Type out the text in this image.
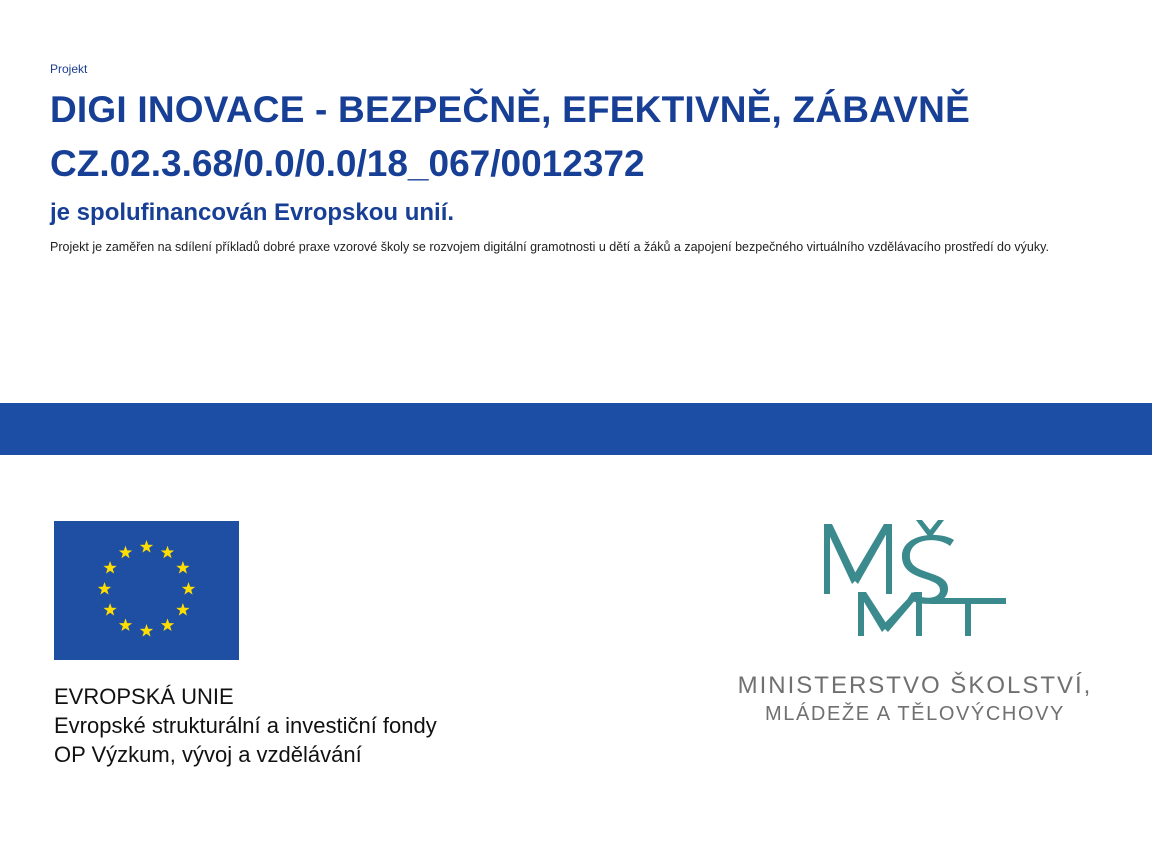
Projekt
DIGI INOVACE - BEZPEČNĚ, EFEKTIVNĚ, ZÁBAVNĚ
CZ.02.3.68/0.0/0.0/18_067/0012372
je spolufinancován Evropskou unií.
Projekt je zaměřen na sdílení příkladů dobré praxe vzorové školy se rozvojem digitální gramotnosti u dětí a žáků a zapojení bezpečného virtuálního vzdělávacího prostředí do výuky.
EVROPSKÁ UNIE
Evropské strukturální a investiční fondy
OP Výzkum, vývoj a vzdělávání
MINISTERSTVO ŠKOLSTVÍ,
MLÁDEŽE A TĚLOVÝCHOVY
